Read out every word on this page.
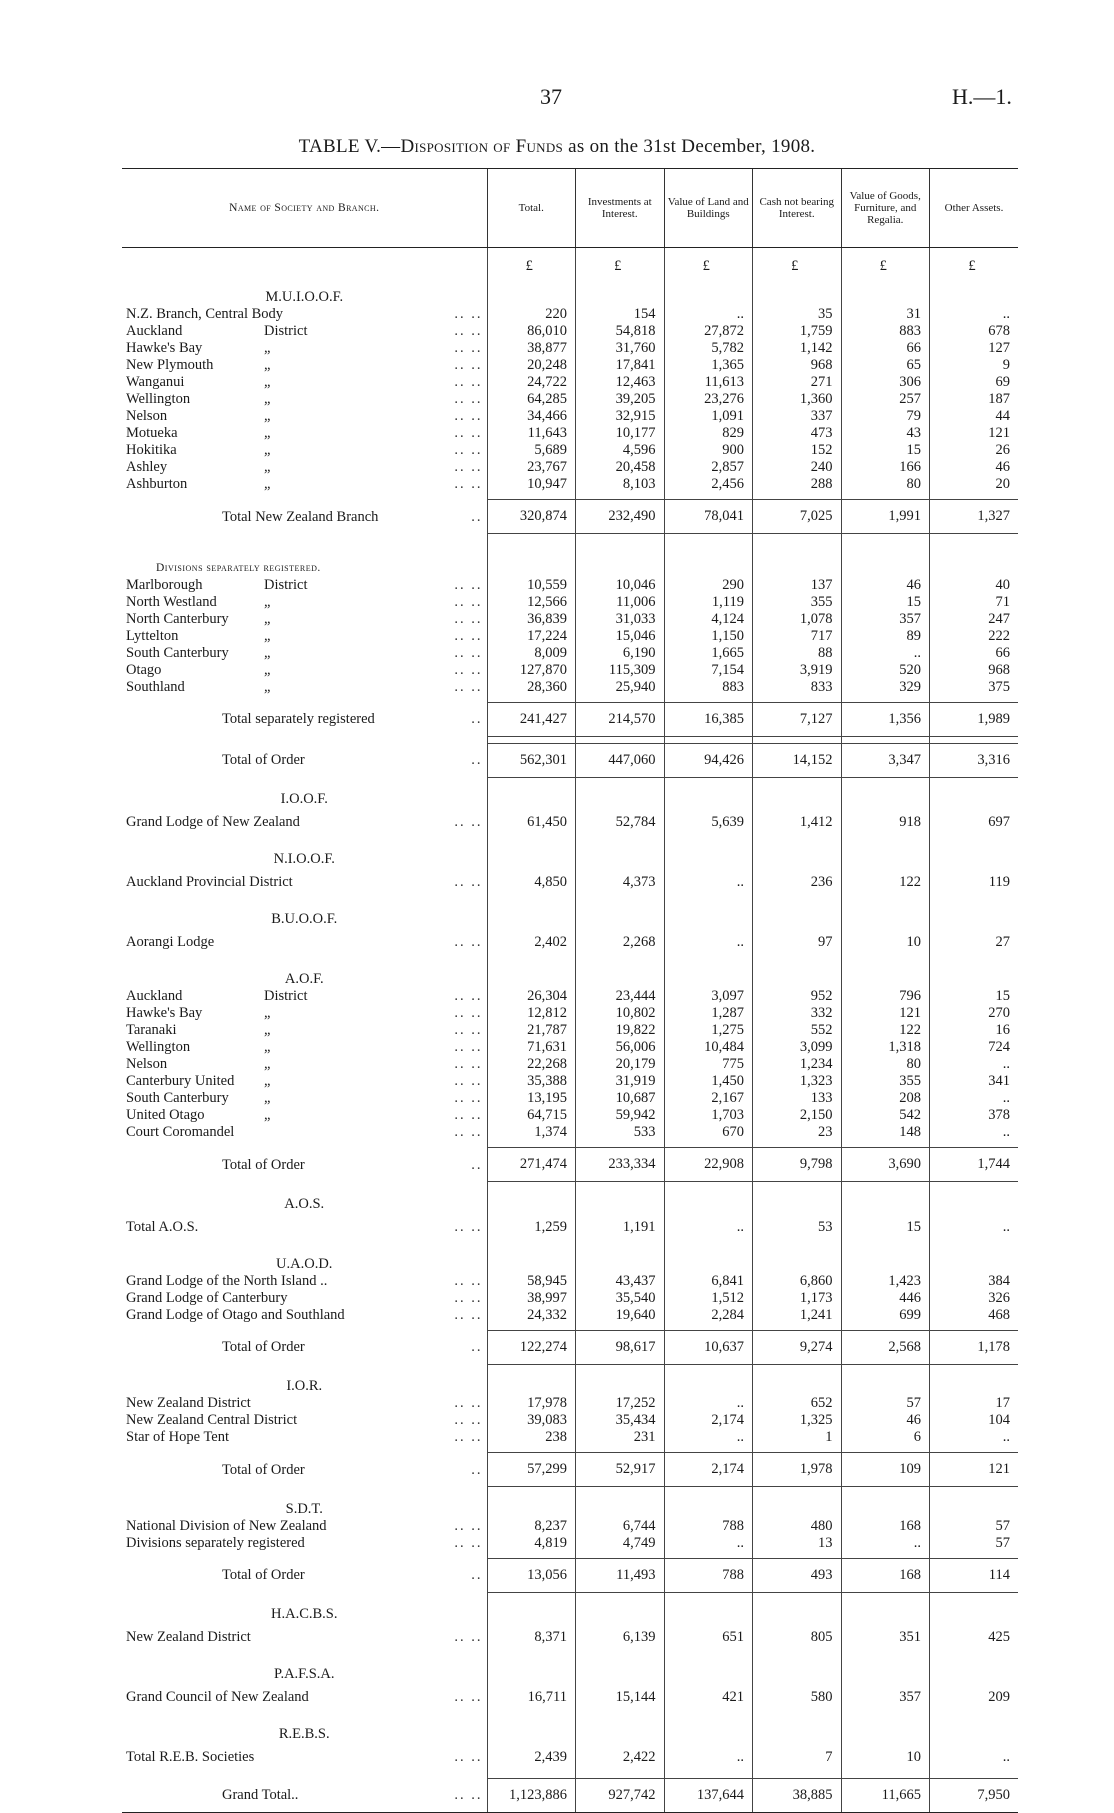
37	H.—1.
TABLE V.—Disposition of Funds as on the 31st December, 1908.
Name of Society and Branch.	Total.	Investments at Interest.	Value of Land and Buildings	Cash not bearing Interest.	Value of Goods, Furniture, and Regalia.	Other Assets.
	£	£	£	£	£	£
M.U.I.O.O.F.						
N.Z. Branch, Central Body .. ..	220	154	..	35	31	..
Auckland District .. ..	86,010	54,818	27,872	1,759	883	678
Hawke's Bay „ .. ..	38,877	31,760	5,782	1,142	66	127
New Plymouth „ .. ..	20,248	17,841	1,365	968	65	9
Wanganui „ .. ..	24,722	12,463	11,613	271	306	69
Wellington „ .. ..	64,285	39,205	23,276	1,360	257	187
Nelson „ .. ..	34,466	32,915	1,091	337	79	44
Motueka „ .. ..	11,643	10,177	829	473	43	121
Hokitika „ .. ..	5,689	4,596	900	152	15	26
Ashley „ .. ..	23,767	20,458	2,857	240	166	46
Ashburton „ .. ..	10,947	8,103	2,456	288	80	20

Total New Zealand Branch ..	320,874	232,490	78,041	7,025	1,991	1,327
Divisions separately registered.						
Marlborough District .. ..	10,559	10,046	290	137	46	40
North Westland „ .. ..	12,566	11,006	1,119	355	15	71
North Canterbury „ .. ..	36,839	31,033	4,124	1,078	357	247
Lyttelton „ .. ..	17,224	15,046	1,150	717	89	222
South Canterbury „ .. ..	8,009	6,190	1,665	88	..	66
Otago „ .. ..	127,870	115,309	7,154	3,919	520	968
Southland „ .. ..	28,360	25,940	883	833	329	375

Total separately registered ..	241,427	214,570	16,385	7,127	1,356	1,989

Total of Order ..	562,301	447,060	94,426	14,152	3,347	3,316
I.O.O.F.						
Grand Lodge of New Zealand .. ..	61,450	52,784	5,639	1,412	918	697
N.I.O.O.F.						
Auckland Provincial District .. ..	4,850	4,373	..	236	122	119
B.U.O.O.F.						
Aorangi Lodge .. ..	2,402	2,268	..	97	10	27
A.O.F.						
Auckland District .. ..	26,304	23,444	3,097	952	796	15
Hawke's Bay „ .. ..	12,812	10,802	1,287	332	121	270
Taranaki „ .. ..	21,787	19,822	1,275	552	122	16
Wellington „ .. ..	71,631	56,006	10,484	3,099	1,318	724
Nelson „ .. ..	22,268	20,179	775	1,234	80	..
Canterbury United „ .. ..	35,388	31,919	1,450	1,323	355	341
South Canterbury „ .. ..	13,195	10,687	2,167	133	208	..
United Otago „ .. ..	64,715	59,942	1,703	2,150	542	378
Court Coromandel .. ..	1,374	533	670	23	148	..

Total of Order ..	271,474	233,334	22,908	9,798	3,690	1,744
A.O.S.						
Total A.O.S. .. ..	1,259	1,191	..	53	15	..
U.A.O.D.						
Grand Lodge of the North Island .. .. ..	58,945	43,437	6,841	6,860	1,423	384
Grand Lodge of Canterbury .. ..	38,997	35,540	1,512	1,173	446	326
Grand Lodge of Otago and Southland .. ..	24,332	19,640	2,284	1,241	699	468

Total of Order ..	122,274	98,617	10,637	9,274	2,568	1,178
I.O.R.						
New Zealand District .. ..	17,978	17,252	..	652	57	17
New Zealand Central District .. ..	39,083	35,434	2,174	1,325	46	104
Star of Hope Tent .. ..	238	231	..	1	6	..

Total of Order ..	57,299	52,917	2,174	1,978	109	121
S.D.T.						
National Division of New Zealand .. ..	8,237	6,744	788	480	168	57
Divisions separately registered .. ..	4,819	4,749	..	13	..	57

Total of Order ..	13,056	11,493	788	493	168	114
H.A.C.B.S.						
New Zealand District .. ..	8,371	6,139	651	805	351	425
P.A.F.S.A.						
Grand Council of New Zealand .. ..	16,711	15,144	421	580	357	209
R.E.B.S.						
Total R.E.B. Societies .. ..	2,439	2,422	..	7	10	..

Grand Total.. .. ..	1,123,886	927,742	137,644	38,885	11,665	7,950
